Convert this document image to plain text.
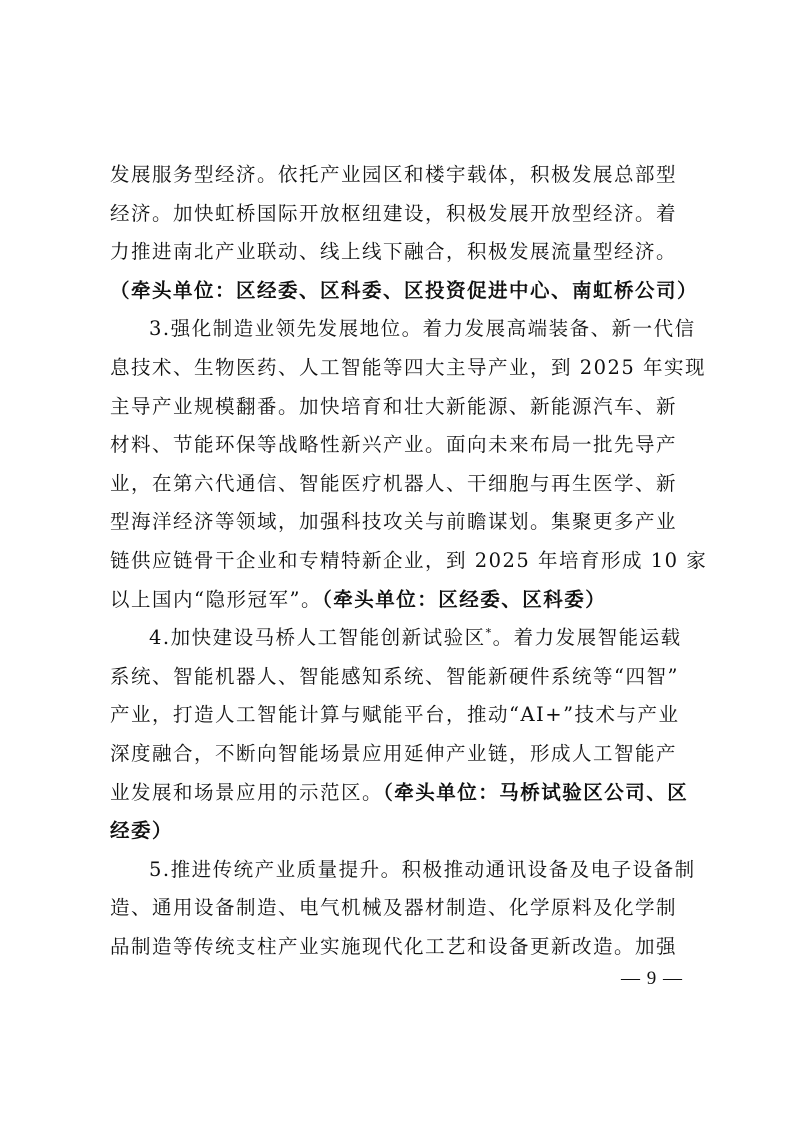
发展服务型经济。依托产业园区和楼宇载体，积极发展总部型
经济。加快虹桥国际开放枢纽建设，积极发展开放型经济。着
力推进南北产业联动、线上线下融合，积极发展流量型经济。
（牵头单位：区经委、区科委、区投资促进中心、南虹桥公司）
3.强化制造业领先发展地位。着力发展高端装备、新一代信
息技术、生物医药、人工智能等四大主导产业，到 2025 年实现
主导产业规模翻番。加快培育和壮大新能源、新能源汽车、新
材料、节能环保等战略性新兴产业。面向未来布局一批先导产
业，在第六代通信、智能医疗机器人、干细胞与再生医学、新
型海洋经济等领域，加强科技攻关与前瞻谋划。集聚更多产业
链供应链骨干企业和专精特新企业，到 2025 年培育形成 10 家
以上国内“隐形冠军”。（牵头单位：区经委、区科委）
4.加快建设马桥人工智能创新试验区*。着力发展智能运载
系统、智能机器人、智能感知系统、智能新硬件系统等“四智”
产业，打造人工智能计算与赋能平台，推动“AI+”技术与产业
深度融合，不断向智能场景应用延伸产业链，形成人工智能产
业发展和场景应用的示范区。（牵头单位：马桥试验区公司、区
经委）
5.推进传统产业质量提升。积极推动通讯设备及电子设备制
造、通用设备制造、电气机械及器材制造、化学原料及化学制
品制造等传统支柱产业实施现代化工艺和设备更新改造。加强
— 9 —
